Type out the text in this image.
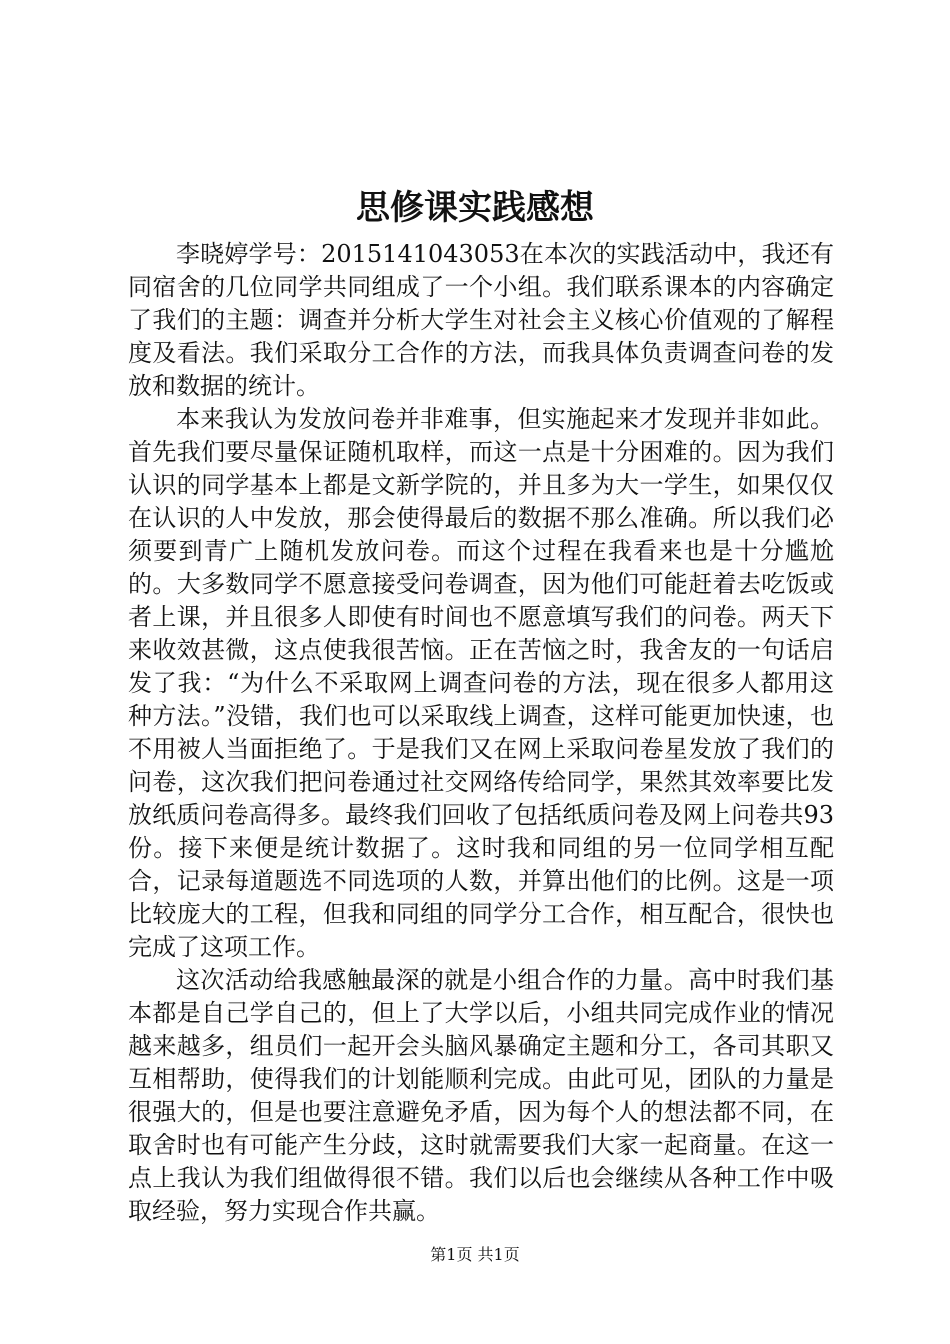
思修课实践感想

李晓婷学号：2015141043053在本次的实践活动中，我还有同宿舍的几位同学共同组成了一个小组。我们联系课本的内容确定了我们的主题：调查并分析大学生对社会主义核心价值观的了解程度及看法。我们采取分工合作的方法，而我具体负责调查问卷的发放和数据的统计。

本来我认为发放问卷并非难事，但实施起来才发现并非如此。首先我们要尽量保证随机取样，而这一点是十分困难的。因为我们认识的同学基本上都是文新学院的，并且多为大一学生，如果仅仅在认识的人中发放，那会使得最后的数据不那么准确。所以我们必须要到青广上随机发放问卷。而这个过程在我看来也是十分尴尬的。大多数同学不愿意接受问卷调查，因为他们可能赶着去吃饭或者上课，并且很多人即使有时间也不愿意填写我们的问卷。两天下来收效甚微，这点使我很苦恼。正在苦恼之时，我舍友的一句话启发了我：“为什么不采取网上调查问卷的方法，现在很多人都用这种方法。”没错，我们也可以采取线上调查，这样可能更加快速，也不用被人当面拒绝了。于是我们又在网上采取问卷星发放了我们的问卷，这次我们把问卷通过社交网络传给同学，果然其效率要比发放纸质问卷高得多。最终我们回收了包括纸质问卷及网上问卷共93份。接下来便是统计数据了。这时我和同组的另一位同学相互配合，记录每道题选不同选项的人数，并算出他们的比例。这是一项比较庞大的工程，但我和同组的同学分工合作，相互配合，很快也完成了这项工作。

这次活动给我感触最深的就是小组合作的力量。高中时我们基本都是自己学自己的，但上了大学以后，小组共同完成作业的情况越来越多，组员们一起开会头脑风暴确定主题和分工，各司其职又互相帮助，使得我们的计划能顺利完成。由此可见，团队的力量是很强大的，但是也要注意避免矛盾，因为每个人的想法都不同，在取舍时也有可能产生分歧，这时就需要我们大家一起商量。在这一点上我认为我们组做得很不错。我们以后也会继续从各种工作中吸取经验，努力实现合作共赢。

第1页 共1页
